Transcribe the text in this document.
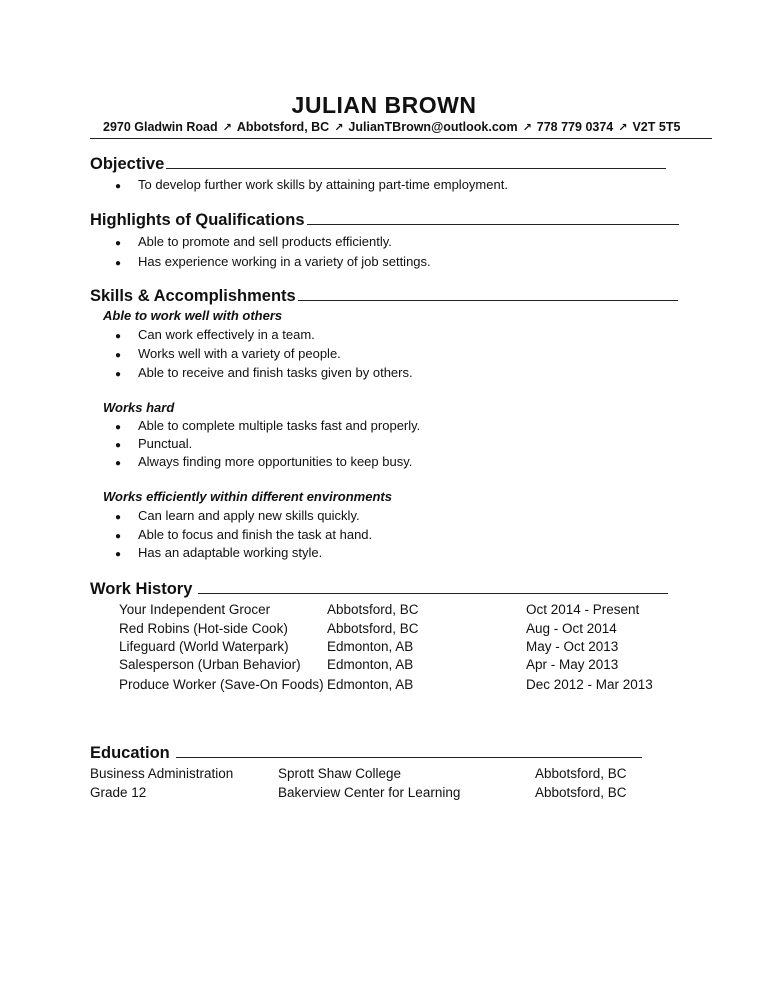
JULIAN BROWN
2970 Gladwin Road ↗ Abbotsford, BC ↗ JulianTBrown@outlook.com ↗ 778 779 0374 ↗ V2T 5T5
Objective
● To develop further work skills by attaining part-time employment.
Highlights of Qualifications
● Able to promote and sell products efficiently.
● Has experience working in a variety of job settings.
Skills & Accomplishments
Able to work well with others
● Can work effectively in a team.
● Works well with a variety of people.
● Able to receive and finish tasks given by others.
Works hard
● Able to complete multiple tasks fast and properly.
● Punctual.
● Always finding more opportunities to keep busy.
Works efficiently within different environments
● Can learn and apply new skills quickly.
● Able to focus and finish the task at hand.
● Has an adaptable working style.
Work History
Your Independent Grocer	Abbotsford, BC	Oct 2014 - Present
Red Robins (Hot-side Cook)	Abbotsford, BC	Aug - Oct 2014
Lifeguard (World Waterpark)	Edmonton, AB	May - Oct 2013
Salesperson (Urban Behavior) Edmonton, AB	Apr - May 2013
Produce Worker (Save-On Foods) Edmonton, AB	Dec 2012 - Mar 2013
Education
Business Administration	Sprott Shaw College	Abbotsford, BC
Grade 12	Bakerview Center for Learning	Abbotsford, BC
